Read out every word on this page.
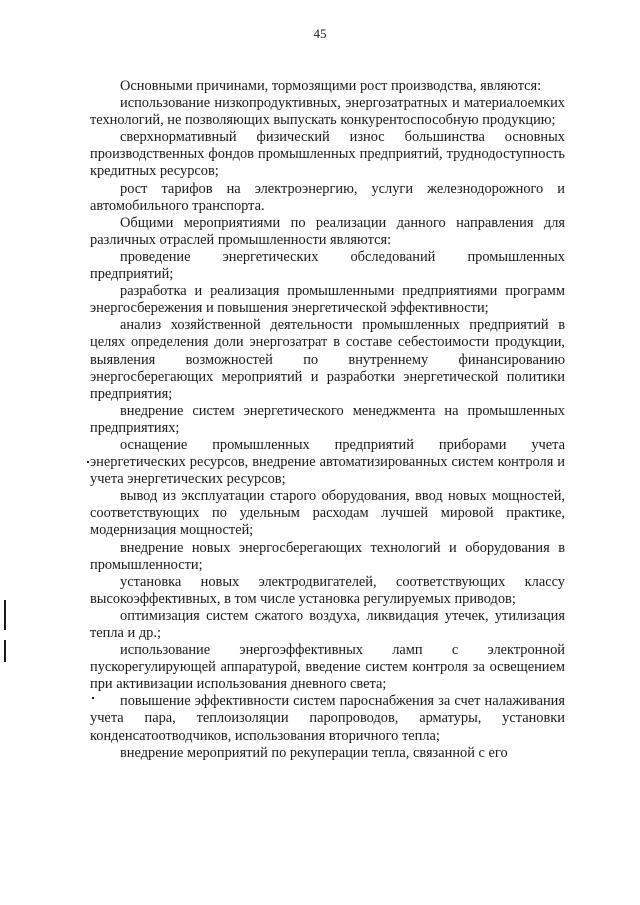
45

Основными причинами, тормозящими рост производства, являются:

использование низкопродуктивных, энергозатратных и материалоемких технологий, не позволяющих выпускать конкурентоспособную продукцию;

сверхнормативный физический износ большинства основных производственных фондов промышленных предприятий, труднодоступность кредитных ресурсов;

рост тарифов на электроэнергию, услуги железнодорожного и автомобильного транспорта.

Общими мероприятиями по реализации данного направления для различных отраслей промышленности являются:

проведение энергетических обследований промышленных предприятий;

разработка и реализация промышленными предприятиями программ энергосбережения и повышения энергетической эффективности;

анализ хозяйственной деятельности промышленных предприятий в целях определения доли энергозатрат в составе себестоимости продукции, выявления возможностей по внутреннему финансированию энергосберегающих мероприятий и разработки энергетической политики предприятия;

внедрение систем энергетического менеджмента на промышленных предприятиях;

оснащение промышленных предприятий приборами учета энергетических ресурсов, внедрение автоматизированных систем контроля и учета энергетических ресурсов;

вывод из эксплуатации старого оборудования, ввод новых мощностей, соответствующих по удельным расходам лучшей мировой практике, модернизация мощностей;

внедрение новых энергосберегающих технологий и оборудования в промышленности;

установка новых электродвигателей, соответствующих классу высокоэффективных, в том числе установка регулируемых приводов;

оптимизация систем сжатого воздуха, ликвидация утечек, утилизация тепла и др.;

использование энергоэффективных ламп с электронной пускорегулирующей аппаратурой, введение систем контроля за освещением при активизации использования дневного света;

повышение эффективности систем пароснабжения за счет налаживания учета пара, теплоизоляции паропроводов, арматуры, установки конденсатоотводчиков, использования вторичного тепла;

внедрение мероприятий по рекуперации тепла, связанной с его
